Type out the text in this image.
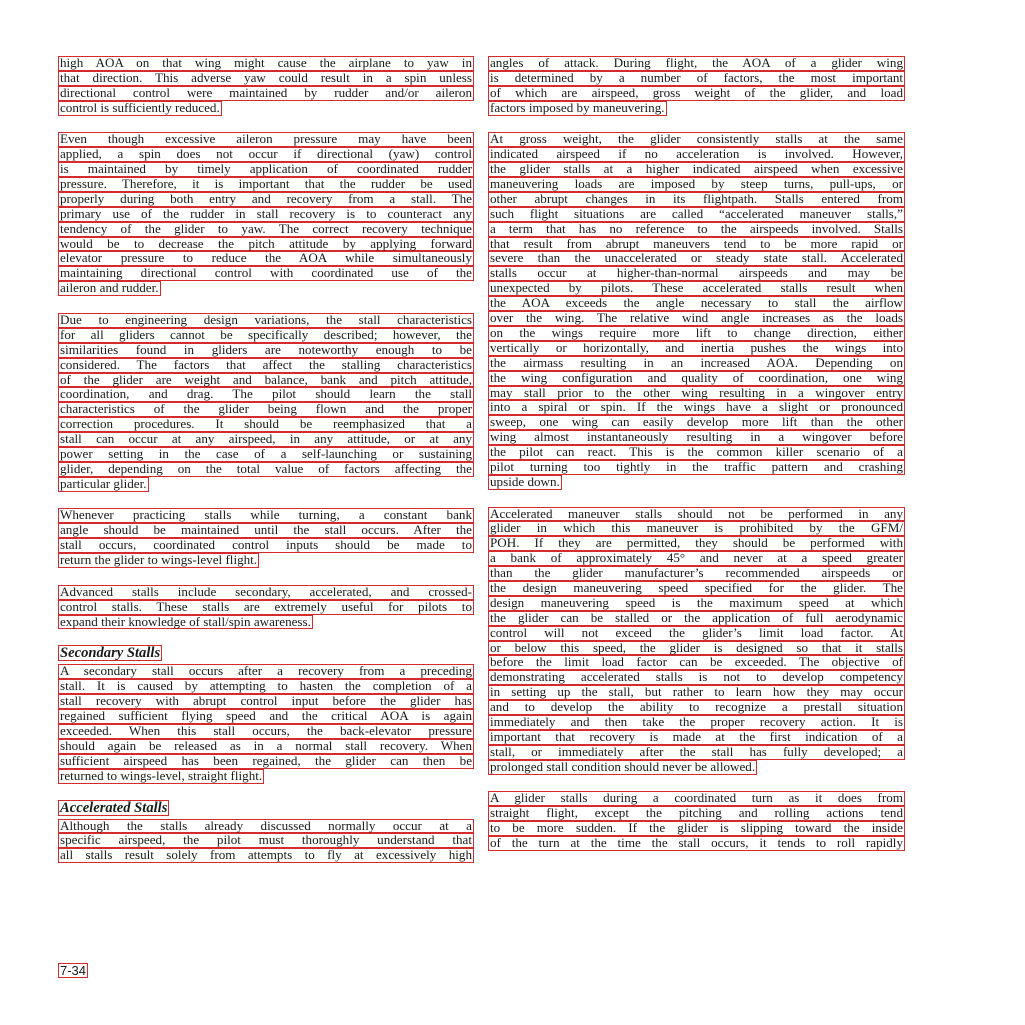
high AOA on that wing might cause the airplane to yaw in
that direction. This adverse yaw could result in a spin unless
directional control were maintained by rudder and/or aileron
control is sufficiently reduced.
Even though excessive aileron pressure may have been
applied, a spin does not occur if directional (yaw) control
is maintained by timely application of coordinated rudder
pressure. Therefore, it is important that the rudder be used
properly during both entry and recovery from a stall. The
primary use of the rudder in stall recovery is to counteract any
tendency of the glider to yaw. The correct recovery technique
would be to decrease the pitch attitude by applying forward
elevator pressure to reduce the AOA while simultaneously
maintaining directional control with coordinated use of the
aileron and rudder.
Due to engineering design variations, the stall characteristics
for all gliders cannot be specifically described; however, the
similarities found in gliders are noteworthy enough to be
considered. The factors that affect the stalling characteristics
of the glider are weight and balance, bank and pitch attitude,
coordination, and drag. The pilot should learn the stall
characteristics of the glider being flown and the proper
correction procedures. It should be reemphasized that a
stall can occur at any airspeed, in any attitude, or at any
power setting in the case of a self-launching or sustaining
glider, depending on the total value of factors affecting the
particular glider.
Whenever practicing stalls while turning, a constant bank
angle should be maintained until the stall occurs. After the
stall occurs, coordinated control inputs should be made to
return the glider to wings-level flight.
Advanced stalls include secondary, accelerated, and crossed-
control stalls. These stalls are extremely useful for pilots to
expand their knowledge of stall/spin awareness.
Secondary Stalls
A secondary stall occurs after a recovery from a preceding
stall. It is caused by attempting to hasten the completion of a
stall recovery with abrupt control input before the glider has
regained sufficient flying speed and the critical AOA is again
exceeded. When this stall occurs, the back-elevator pressure
should again be released as in a normal stall recovery. When
sufficient airspeed has been regained, the glider can then be
returned to wings-level, straight flight.
Accelerated Stalls
Although the stalls already discussed normally occur at a
specific airspeed, the pilot must thoroughly understand that
all stalls result solely from attempts to fly at excessively high
angles of attack. During flight, the AOA of a glider wing
is determined by a number of factors, the most important
of which are airspeed, gross weight of the glider, and load
factors imposed by maneuvering.
At gross weight, the glider consistently stalls at the same
indicated airspeed if no acceleration is involved. However,
the glider stalls at a higher indicated airspeed when excessive
maneuvering loads are imposed by steep turns, pull-ups, or
other abrupt changes in its flightpath. Stalls entered from
such flight situations are called “accelerated maneuver stalls,”
a term that has no reference to the airspeeds involved. Stalls
that result from abrupt maneuvers tend to be more rapid or
severe than the unaccelerated or steady state stall. Accelerated
stalls occur at higher-than-normal airspeeds and may be
unexpected by pilots. These accelerated stalls result when
the AOA exceeds the angle necessary to stall the airflow
over the wing. The relative wind angle increases as the loads
on the wings require more lift to change direction, either
vertically or horizontally, and inertia pushes the wings into
the airmass resulting in an increased AOA. Depending on
the wing configuration and quality of coordination, one wing
may stall prior to the other wing resulting in a wingover entry
into a spiral or spin. If the wings have a slight or pronounced
sweep, one wing can easily develop more lift than the other
wing almost instantaneously resulting in a wingover before
the pilot can react. This is the common killer scenario of a
pilot turning too tightly in the traffic pattern and crashing
upside down.
Accelerated maneuver stalls should not be performed in any
glider in which this maneuver is prohibited by the GFM/
POH. If they are permitted, they should be performed with
a bank of approximately 45° and never at a speed greater
than the glider manufacturer’s recommended airspeeds or
the design maneuvering speed specified for the glider. The
design maneuvering speed is the maximum speed at which
the glider can be stalled or the application of full aerodynamic
control will not exceed the glider’s limit load factor. At
or below this speed, the glider is designed so that it stalls
before the limit load factor can be exceeded. The objective of
demonstrating accelerated stalls is not to develop competency
in setting up the stall, but rather to learn how they may occur
and to develop the ability to recognize a prestall situation
immediately and then take the proper recovery action. It is
important that recovery is made at the first indication of a
stall, or immediately after the stall has fully developed; a
prolonged stall condition should never be allowed.
A glider stalls during a coordinated turn as it does from
straight flight, except the pitching and rolling actions tend
to be more sudden. If the glider is slipping toward the inside
of the turn at the time the stall occurs, it tends to roll rapidly
7-34
